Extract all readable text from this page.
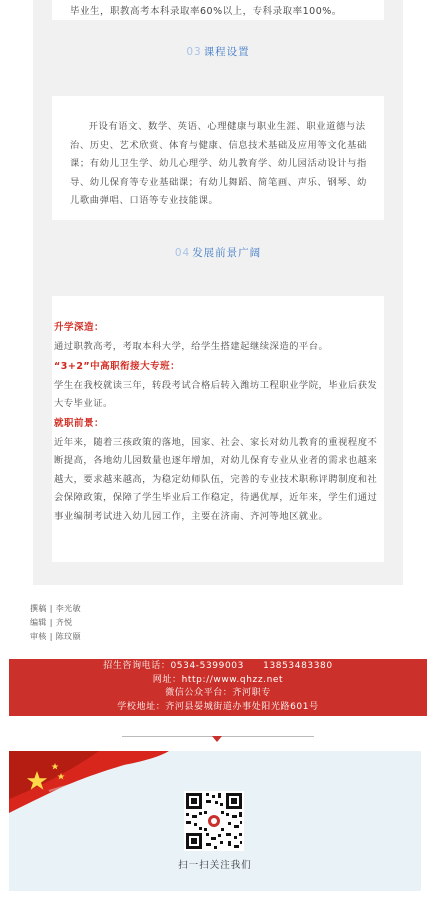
毕业生，职教高考本科录取率60%以上，专科录取率100%。
03 课程设置

开设有语文、数学、英语、心理健康与职业生涯、职业道德与法治、历史、艺术欣赏、体育与健康、信息技术基础及应用等文化基础课；有幼儿卫生学、幼儿心理学、幼儿教育学、幼儿园活动设计与指导、幼儿保育等专业基础课；有幼儿舞蹈、简笔画、声乐、钢琴、幼儿歌曲弹唱、口语等专业技能课。

04 发展前景广阔
升学深造：
通过职教高考，考取本科大学，给学生搭建起继续深造的平台。
“3+2”中高职衔接大专班：
学生在我校就读三年，转段考试合格后转入潍坊工程职业学院，毕业后获发大专毕业证。
就职前景：
近年来，随着三孩政策的落地，国家、社会、家长对幼儿教育的重视程度不断提高，各地幼儿园数量也逐年增加，对幼儿保育专业从业者的需求也越来越大，要求越来越高，为稳定幼师队伍，完善的专业技术职称评聘制度和社会保障政策，保障了学生毕业后工作稳定，待遇优厚，近年来，学生们通过事业编制考试进入幼儿园工作，主要在济南、齐河等地区就业。
撰稿 | 李光敏
编辑 | 齐悦
审核 | 陈玟颐
招生咨询电话：0534-5399003　　13853483380
网址：http://www.qhzz.net
微信公众平台：齐河职专
学校地址：齐河县晏城街道办事处阳光路601号
扫一扫关注我们
